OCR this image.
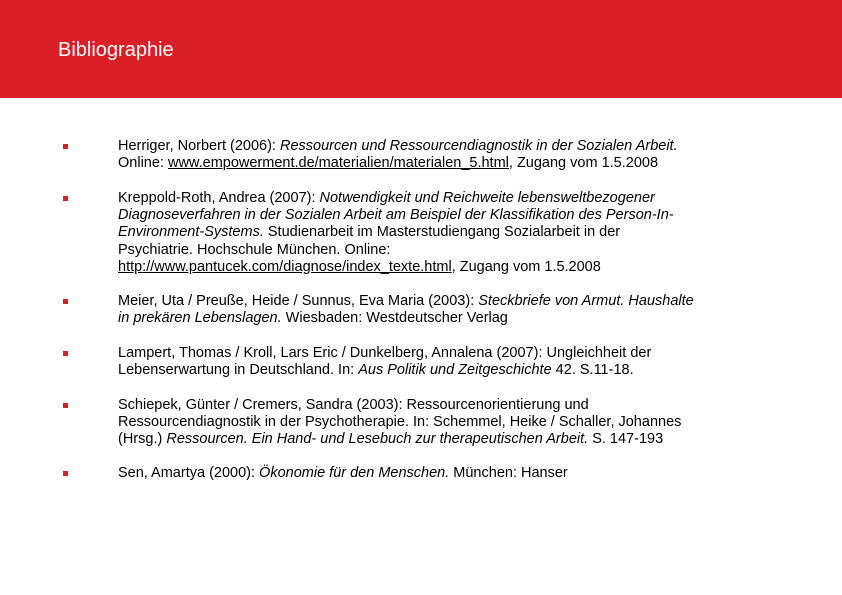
Bibliographie

Herriger, Norbert (2006): Ressourcen und Ressourcendiagnostik in der Sozialen Arbeit.
Online: www.empowerment.de/materialien/materialen_5.html, Zugang vom 1.5.2008

Kreppold-Roth, Andrea (2007): Notwendigkeit und Reichweite lebensweltbezogener
Diagnoseverfahren in der Sozialen Arbeit am Beispiel der Klassifikation des Person-In-
Environment-Systems. Studienarbeit im Masterstudiengang Sozialarbeit in der
Psychiatrie. Hochschule München. Online:
http://www.pantucek.com/diagnose/index_texte.html, Zugang vom 1.5.2008

Meier, Uta / Preuße, Heide / Sunnus, Eva Maria (2003): Steckbriefe von Armut. Haushalte
in prekären Lebenslagen. Wiesbaden: Westdeutscher Verlag

Lampert, Thomas / Kroll, Lars Eric / Dunkelberg, Annalena (2007): Ungleichheit der
Lebenserwartung in Deutschland. In: Aus Politik und Zeitgeschichte 42. S.11-18.

Schiepek, Günter / Cremers, Sandra (2003): Ressourcenorientierung und
Ressourcendiagnostik in der Psychotherapie. In: Schemmel, Heike / Schaller, Johannes
(Hrsg.) Ressourcen. Ein Hand- und Lesebuch zur therapeutischen Arbeit. S. 147-193

Sen, Amartya (2000): Ökonomie für den Menschen. München: Hanser
